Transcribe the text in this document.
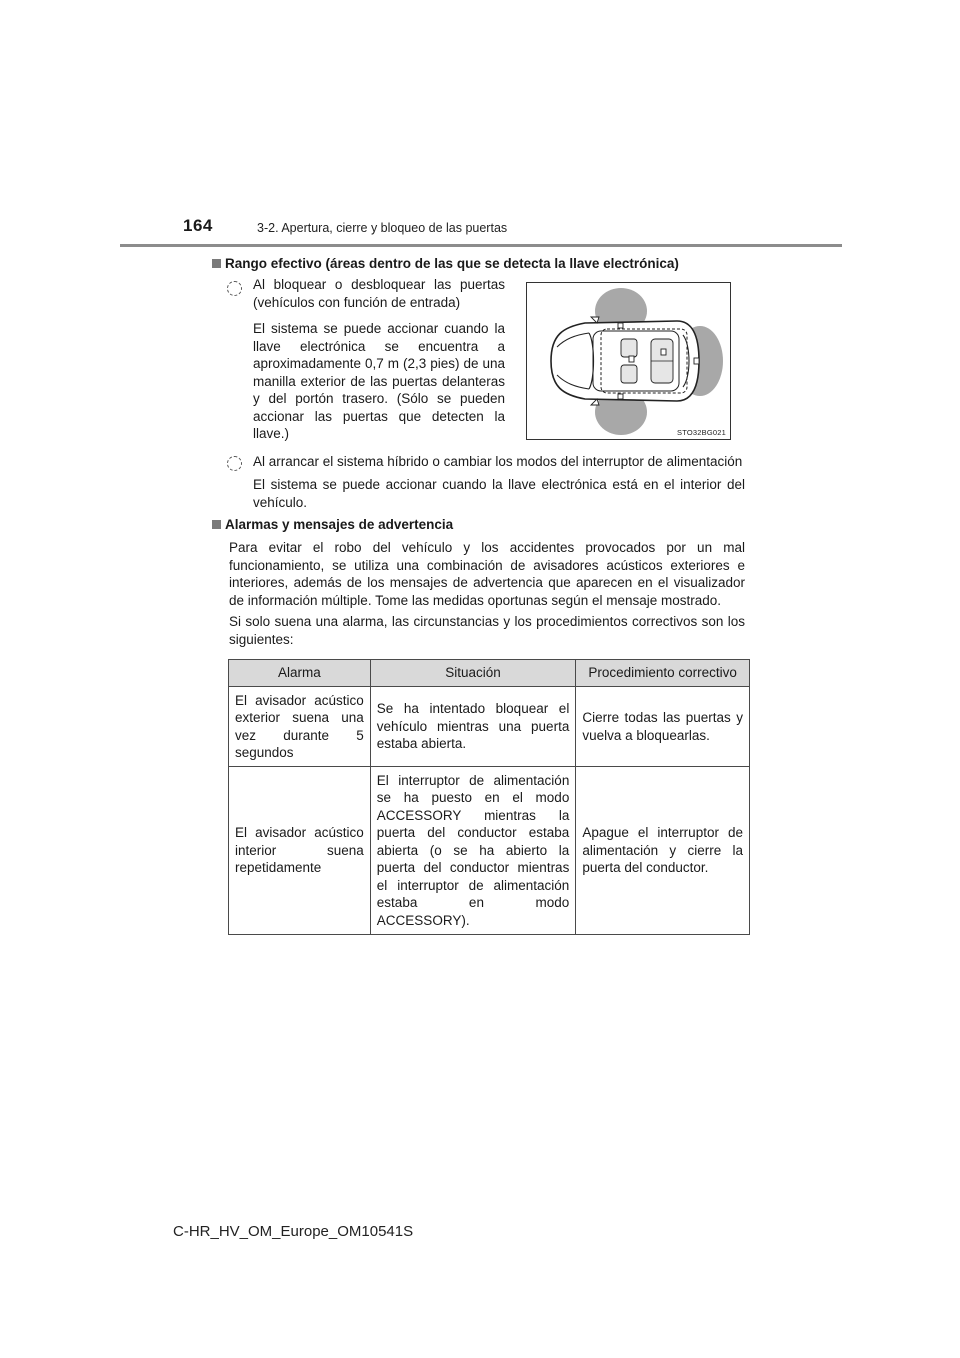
164	3-2. Apertura, cierre y bloqueo de las puertas
Rango efectivo (áreas dentro de las que se detecta la llave electrónica)
Al bloquear o desbloquear las puertas (vehículos con función de entrada)
El sistema se puede accionar cuando la llave electrónica se encuentra a aproximadamente 0,7 m (2,3 pies) de una manilla exterior de las puertas delanteras y del portón trasero. (Sólo se pueden accionar las puertas que detecten la llave.)	STO32BG021
Al arrancar el sistema híbrido o cambiar los modos del interruptor de alimentación
El sistema se puede accionar cuando la llave electrónica está en el interior del vehículo.
Alarmas y mensajes de advertencia
Para evitar el robo del vehículo y los accidentes provocados por un mal funcionamiento, se utiliza una combinación de avisadores acústicos exteriores e interiores, además de los mensajes de advertencia que aparecen en el visualizador de información múltiple. Tome las medidas oportunas según el mensaje mostrado.
Si solo suena una alarma, las circunstancias y los procedimientos correctivos son los siguientes:
Alarma	Situación	Procedimiento correctivo
El avisador acústico exterior suena una vez durante 5 segundos	Se ha intentado bloquear el vehículo mientras una puerta estaba abierta.	Cierre todas las puertas y vuelva a bloquearlas.
El avisador acústico interior suena repetidamente	El interruptor de alimentación se ha puesto en el modo ACCESSORY mientras la puerta del conductor estaba abierta (o se ha abierto la puerta del conductor mientras el interruptor de alimentación estaba en modo ACCESSORY).	Apague el interruptor de alimentación y cierre la puerta del conductor.
C-HR_HV_OM_Europe_OM10541S
